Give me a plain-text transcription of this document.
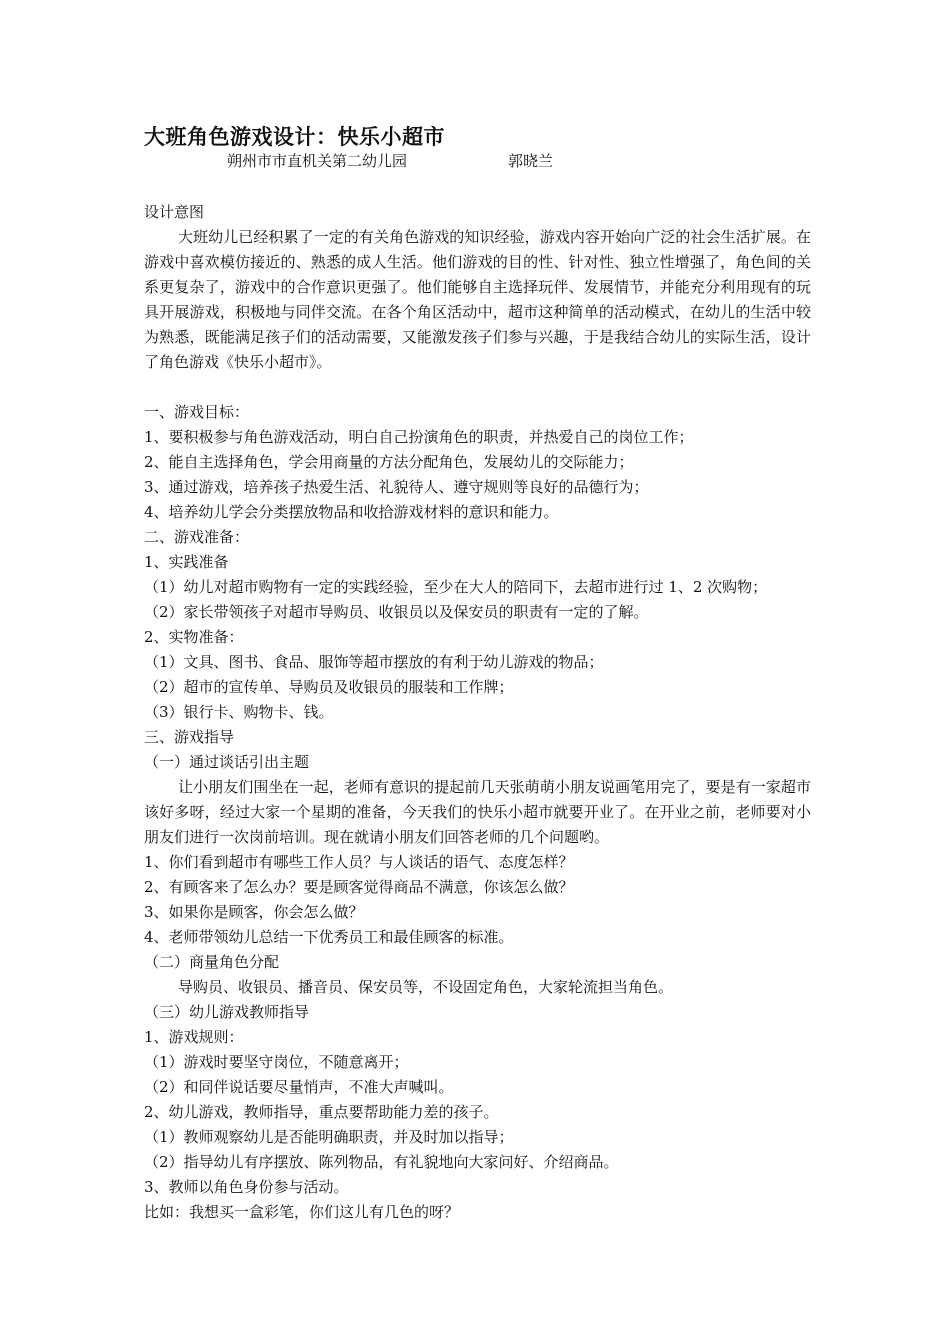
大班角色游戏设计：快乐小超市
朔州市市直机关第二幼儿园	郭晓兰

设计意图

大班幼儿已经积累了一定的有关角色游戏的知识经验，游戏内容开始向广泛的社会生活扩展。在游戏中喜欢模仿接近的、熟悉的成人生活。他们游戏的目的性、针对性、独立性增强了，角色间的关系更复杂了，游戏中的合作意识更强了。他们能够自主选择玩伴、发展情节，并能充分利用现有的玩具开展游戏，积极地与同伴交流。在各个角区活动中，超市这种简单的活动模式，在幼儿的生活中较为熟悉，既能满足孩子们的活动需要，又能激发孩子们参与兴趣，于是我结合幼儿的实际生活，设计了角色游戏《快乐小超市》。

一、游戏目标：

1、要积极参与角色游戏活动，明白自己扮演角色的职责，并热爱自己的岗位工作；

2、能自主选择角色，学会用商量的方法分配角色，发展幼儿的交际能力；

3、通过游戏，培养孩子热爱生活、礼貌待人、遵守规则等良好的品德行为；

4、培养幼儿学会分类摆放物品和收拾游戏材料的意识和能力。

二、游戏准备：

1、实践准备

（1）幼儿对超市购物有一定的实践经验，至少在大人的陪同下，去超市进行过 1、2 次购物；

（2）家长带领孩子对超市导购员、收银员以及保安员的职责有一定的了解。

2、实物准备：

（1）文具、图书、食品、服饰等超市摆放的有利于幼儿游戏的物品；

（2）超市的宣传单、导购员及收银员的服装和工作牌；

（3）银行卡、购物卡、钱。

三、游戏指导

（一）通过谈话引出主题

让小朋友们围坐在一起，老师有意识的提起前几天张萌萌小朋友说画笔用完了，要是有一家超市该好多呀，经过大家一个星期的准备，今天我们的快乐小超市就要开业了。在开业之前，老师要对小朋友们进行一次岗前培训。现在就请小朋友们回答老师的几个问题哟。

1、你们看到超市有哪些工作人员？与人谈话的语气、态度怎样？

2、有顾客来了怎么办？要是顾客觉得商品不满意，你该怎么做？

3、如果你是顾客，你会怎么做？

4、老师带领幼儿总结一下优秀员工和最佳顾客的标准。

（二）商量角色分配

导购员、收银员、播音员、保安员等，不设固定角色，大家轮流担当角色。

（三）幼儿游戏教师指导

1、游戏规则：

（1）游戏时要坚守岗位，不随意离开；

（2）和同伴说话要尽量悄声，不准大声喊叫。

2、幼儿游戏，教师指导，重点要帮助能力差的孩子。

（1）教师观察幼儿是否能明确职责，并及时加以指导；

（2）指导幼儿有序摆放、陈列物品，有礼貌地向大家问好、介绍商品。

3、教师以角色身份参与活动。

比如：我想买一盒彩笔，你们这儿有几色的呀？
